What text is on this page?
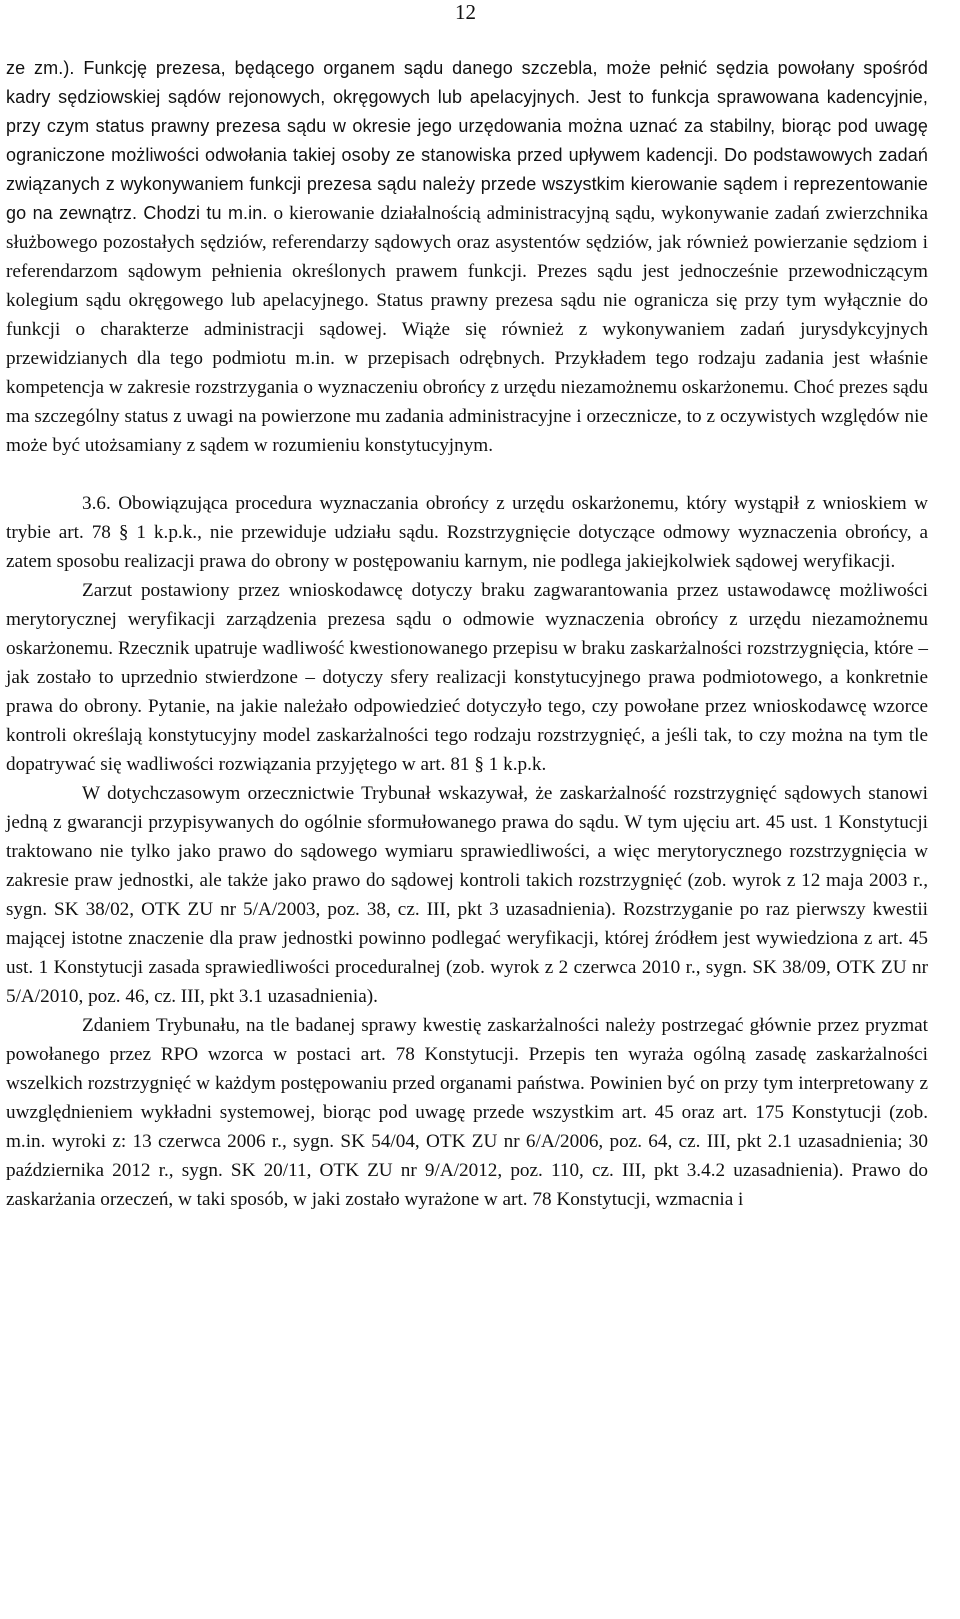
12

ze zm.). Funkcję prezesa, będącego organem sądu danego szczebla, może pełnić sędzia powołany spośród kadry sędziowskiej sądów rejonowych, okręgowych lub apelacyjnych. Jest to funkcja sprawowana kadencyjnie, przy czym status prawny prezesa sądu w okresie jego urzędowania można uznać za stabilny, biorąc pod uwagę ograniczone możliwości odwołania takiej osoby ze stanowiska przed upływem kadencji. Do podstawowych zadań związanych z wykonywaniem funkcji prezesa sądu należy przede wszystkim kierowanie sądem i reprezentowanie go na zewnątrz. Chodzi tu m.in. o kierowanie działalnością administracyjną sądu, wykonywanie zadań zwierzchnika służbowego pozostałych sędziów, referendarzy sądowych oraz asystentów sędziów, jak również powierzanie sędziom i referendarzom sądowym pełnienia określonych prawem funkcji. Prezes sądu jest jednocześnie przewodniczącym kolegium sądu okręgowego lub apelacyjnego. Status prawny prezesa sądu nie ogranicza się przy tym wyłącznie do funkcji o charakterze administracji sądowej. Wiąże się również z wykonywaniem zadań jurysdykcyjnych przewidzianych dla tego podmiotu m.in. w przepisach odrębnych. Przykładem tego rodzaju zadania jest właśnie kompetencja w zakresie rozstrzygania o wyznaczeniu obrońcy z urzędu niezamożnemu oskarżonemu. Choć prezes sądu ma szczególny status z uwagi na powierzone mu zadania administracyjne i orzecznicze, to z oczywistych względów nie może być utożsamiany z sądem w rozumieniu konstytucyjnym.

3.6. Obowiązująca procedura wyznaczania obrońcy z urzędu oskarżonemu, który wystąpił z wnioskiem w trybie art. 78 § 1 k.p.k., nie przewiduje udziału sądu. Rozstrzygnięcie dotyczące odmowy wyznaczenia obrońcy, a zatem sposobu realizacji prawa do obrony w postępowaniu karnym, nie podlega jakiejkolwiek sądowej weryfikacji.

Zarzut postawiony przez wnioskodawcę dotyczy braku zagwarantowania przez ustawodawcę możliwości merytorycznej weryfikacji zarządzenia prezesa sądu o odmowie wyznaczenia obrońcy z urzędu niezamożnemu oskarżonemu. Rzecznik upatruje wadliwość kwestionowanego przepisu w braku zaskarżalności rozstrzygnięcia, które – jak zostało to uprzednio stwierdzone – dotyczy sfery realizacji konstytucyjnego prawa podmiotowego, a konkretnie prawa do obrony. Pytanie, na jakie należało odpowiedzieć dotyczyło tego, czy powołane przez wnioskodawcę wzorce kontroli określają konstytucyjny model zaskarżalności tego rodzaju rozstrzygnięć, a jeśli tak, to czy można na tym tle dopatrywać się wadliwości rozwiązania przyjętego w art. 81 § 1 k.p.k.

W dotychczasowym orzecznictwie Trybunał wskazywał, że zaskarżalność rozstrzygnięć sądowych stanowi jedną z gwarancji przypisywanych do ogólnie sformułowanego prawa do sądu. W tym ujęciu art. 45 ust. 1 Konstytucji traktowano nie tylko jako prawo do sądowego wymiaru sprawiedliwości, a więc merytorycznego rozstrzygnięcia w zakresie praw jednostki, ale także jako prawo do sądowej kontroli takich rozstrzygnięć (zob. wyrok z 12 maja 2003 r., sygn. SK 38/02, OTK ZU nr 5/A/2003, poz. 38, cz. III, pkt 3 uzasadnienia). Rozstrzyganie po raz pierwszy kwestii mającej istotne znaczenie dla praw jednostki powinno podlegać weryfikacji, której źródłem jest wywiedziona z art. 45 ust. 1 Konstytucji zasada sprawiedliwości proceduralnej (zob. wyrok z 2 czerwca 2010 r., sygn. SK 38/09, OTK ZU nr 5/A/2010, poz. 46, cz. III, pkt 3.1 uzasadnienia).

Zdaniem Trybunału, na tle badanej sprawy kwestię zaskarżalności należy postrzegać głównie przez pryzmat powołanego przez RPO wzorca w postaci art. 78 Konstytucji. Przepis ten wyraża ogólną zasadę zaskarżalności wszelkich rozstrzygnięć w każdym postępowaniu przed organami państwa. Powinien być on przy tym interpretowany z uwzględnieniem wykładni systemowej, biorąc pod uwagę przede wszystkim art. 45 oraz art. 175 Konstytucji (zob. m.in. wyroki z: 13 czerwca 2006 r., sygn. SK 54/04, OTK ZU nr 6/A/2006, poz. 64, cz. III, pkt 2.1 uzasadnienia; 30 października 2012 r., sygn. SK 20/11, OTK ZU nr 9/A/2012, poz. 110, cz. III, pkt 3.4.2 uzasadnienia). Prawo do zaskarżania orzeczeń, w taki sposób, w jaki zostało wyrażone w art. 78 Konstytucji, wzmacnia i
